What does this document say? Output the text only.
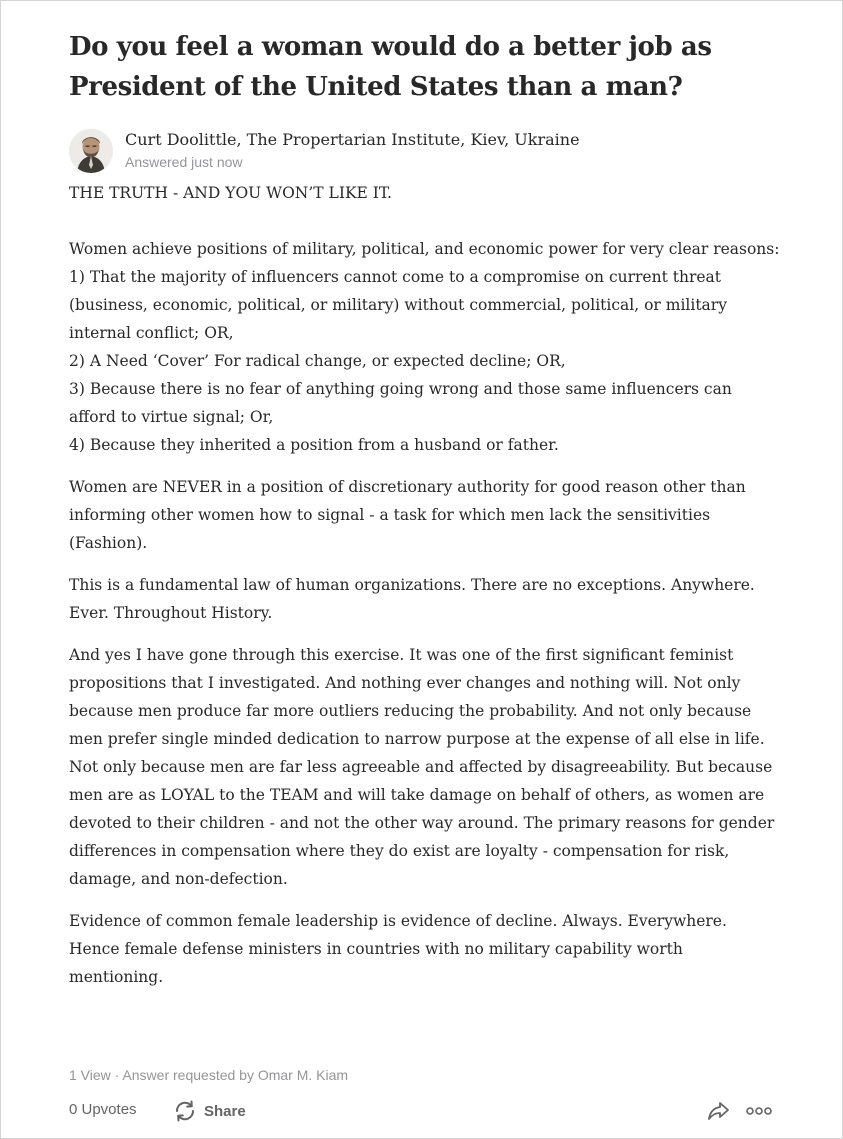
Do you feel a woman would do a better job as President of the United States than a man?
Curt Doolittle, The Propertarian Institute, Kiev, Ukraine
Answered just now

THE TRUTH - AND YOU WON’T LIKE IT.

Women achieve positions of military, political, and economic power for very clear reasons:
1) That the majority of influencers cannot come to a compromise on current threat (business, economic, political, or military) without commercial, political, or military internal conflict; OR,
2) A Need ‘Cover’ For radical change, or expected decline; OR,
3) Because there is no fear of anything going wrong and those same influencers can afford to virtue signal; Or,
4) Because they inherited a position from a husband or father.

Women are NEVER in a position of discretionary authority for good reason other than informing other women how to signal - a task for which men lack the sensitivities (Fashion).

This is a fundamental law of human organizations. There are no exceptions. Anywhere. Ever. Throughout History.

And yes I have gone through this exercise. It was one of the first significant feminist propositions that I investigated. And nothing ever changes and nothing will. Not only because men produce far more outliers reducing the probability. And not only because men prefer single minded dedication to narrow purpose at the expense of all else in life. Not only because men are far less agreeable and affected by disagreeability. But because men are as LOYAL to the TEAM and will take damage on behalf of others, as women are devoted to their children - and not the other way around. The primary reasons for gender differences in compensation where they do exist are loyalty - compensation for risk, damage, and non-defection.

Evidence of common female leadership is evidence of decline. Always. Everywhere. Hence female defense ministers in countries with no military capability worth mentioning.

1 View · Answer requested by Omar M. Kiam
0 Upvotes	Share
